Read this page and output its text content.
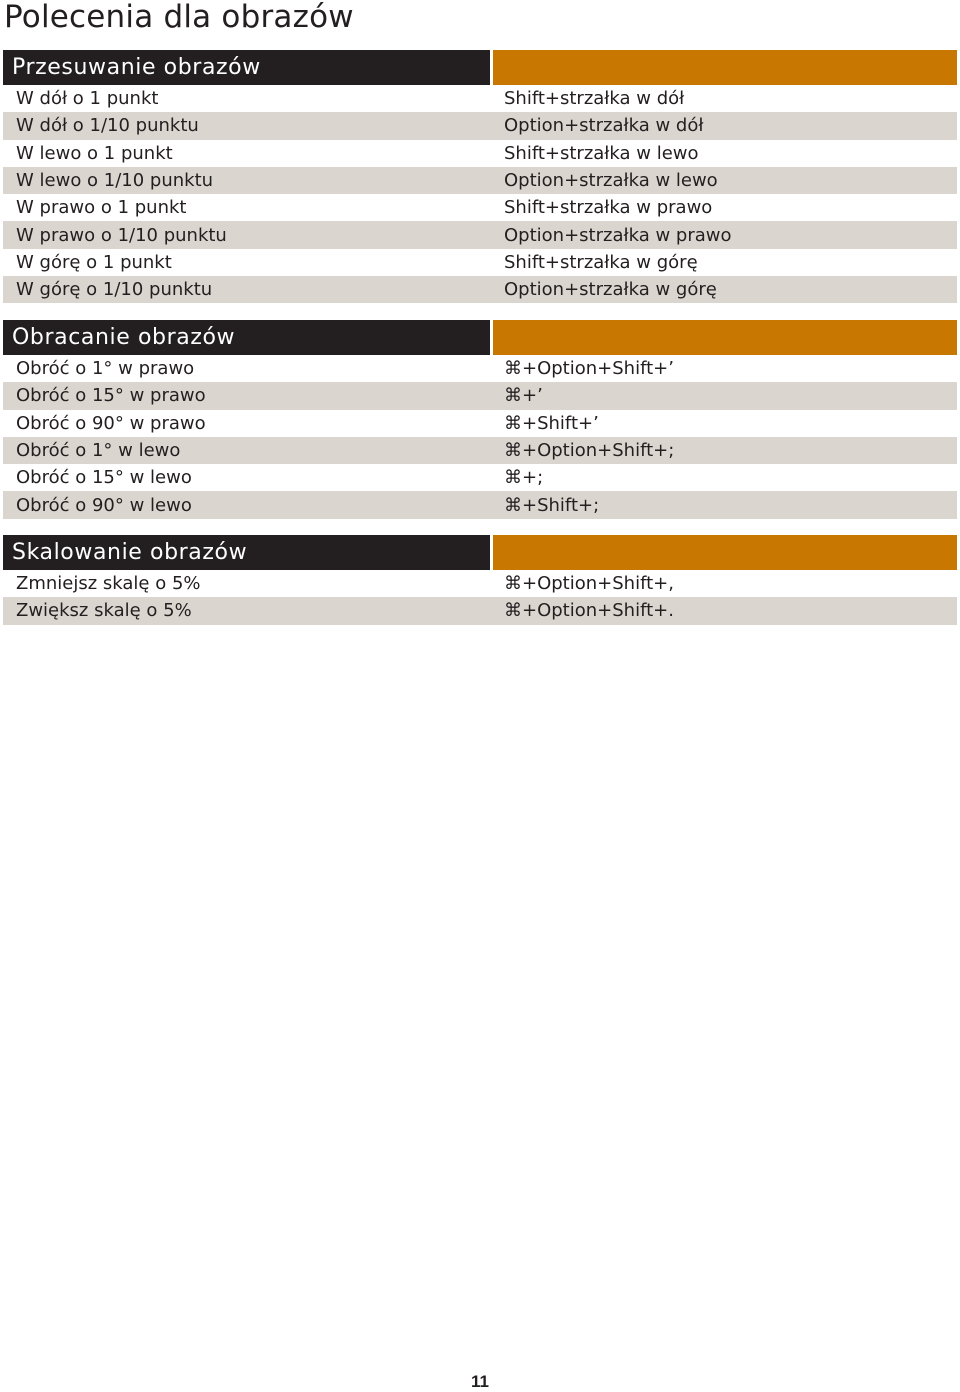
Polecenia dla obrazów
Przesuwanie obrazów
W dół o 1 punkt	Shift+strzałka w dół
W dół o 1/10 punktu	Option+strzałka w dół
W lewo o 1 punkt	Shift+strzałka w lewo
W lewo o 1/10 punktu	Option+strzałka w lewo
W prawo o 1 punkt	Shift+strzałka w prawo
W prawo o 1/10 punktu	Option+strzałka w prawo
W górę o 1 punkt	Shift+strzałka w górę
W górę o 1/10 punktu	Option+strzałka w górę
Obracanie obrazów
Obróć o 1° w prawo	⌘+Option+Shift+’
Obróć o 15° w prawo	⌘+’
Obróć o 90° w prawo	⌘+Shift+’
Obróć o 1° w lewo	⌘+Option+Shift+;
Obróć o 15° w lewo	⌘+;
Obróć o 90° w lewo	⌘+Shift+;
Skalowanie obrazów
Zmniejsz skalę o 5%	⌘+Option+Shift+,
Zwiększ skalę o 5%	⌘+Option+Shift+.
11
